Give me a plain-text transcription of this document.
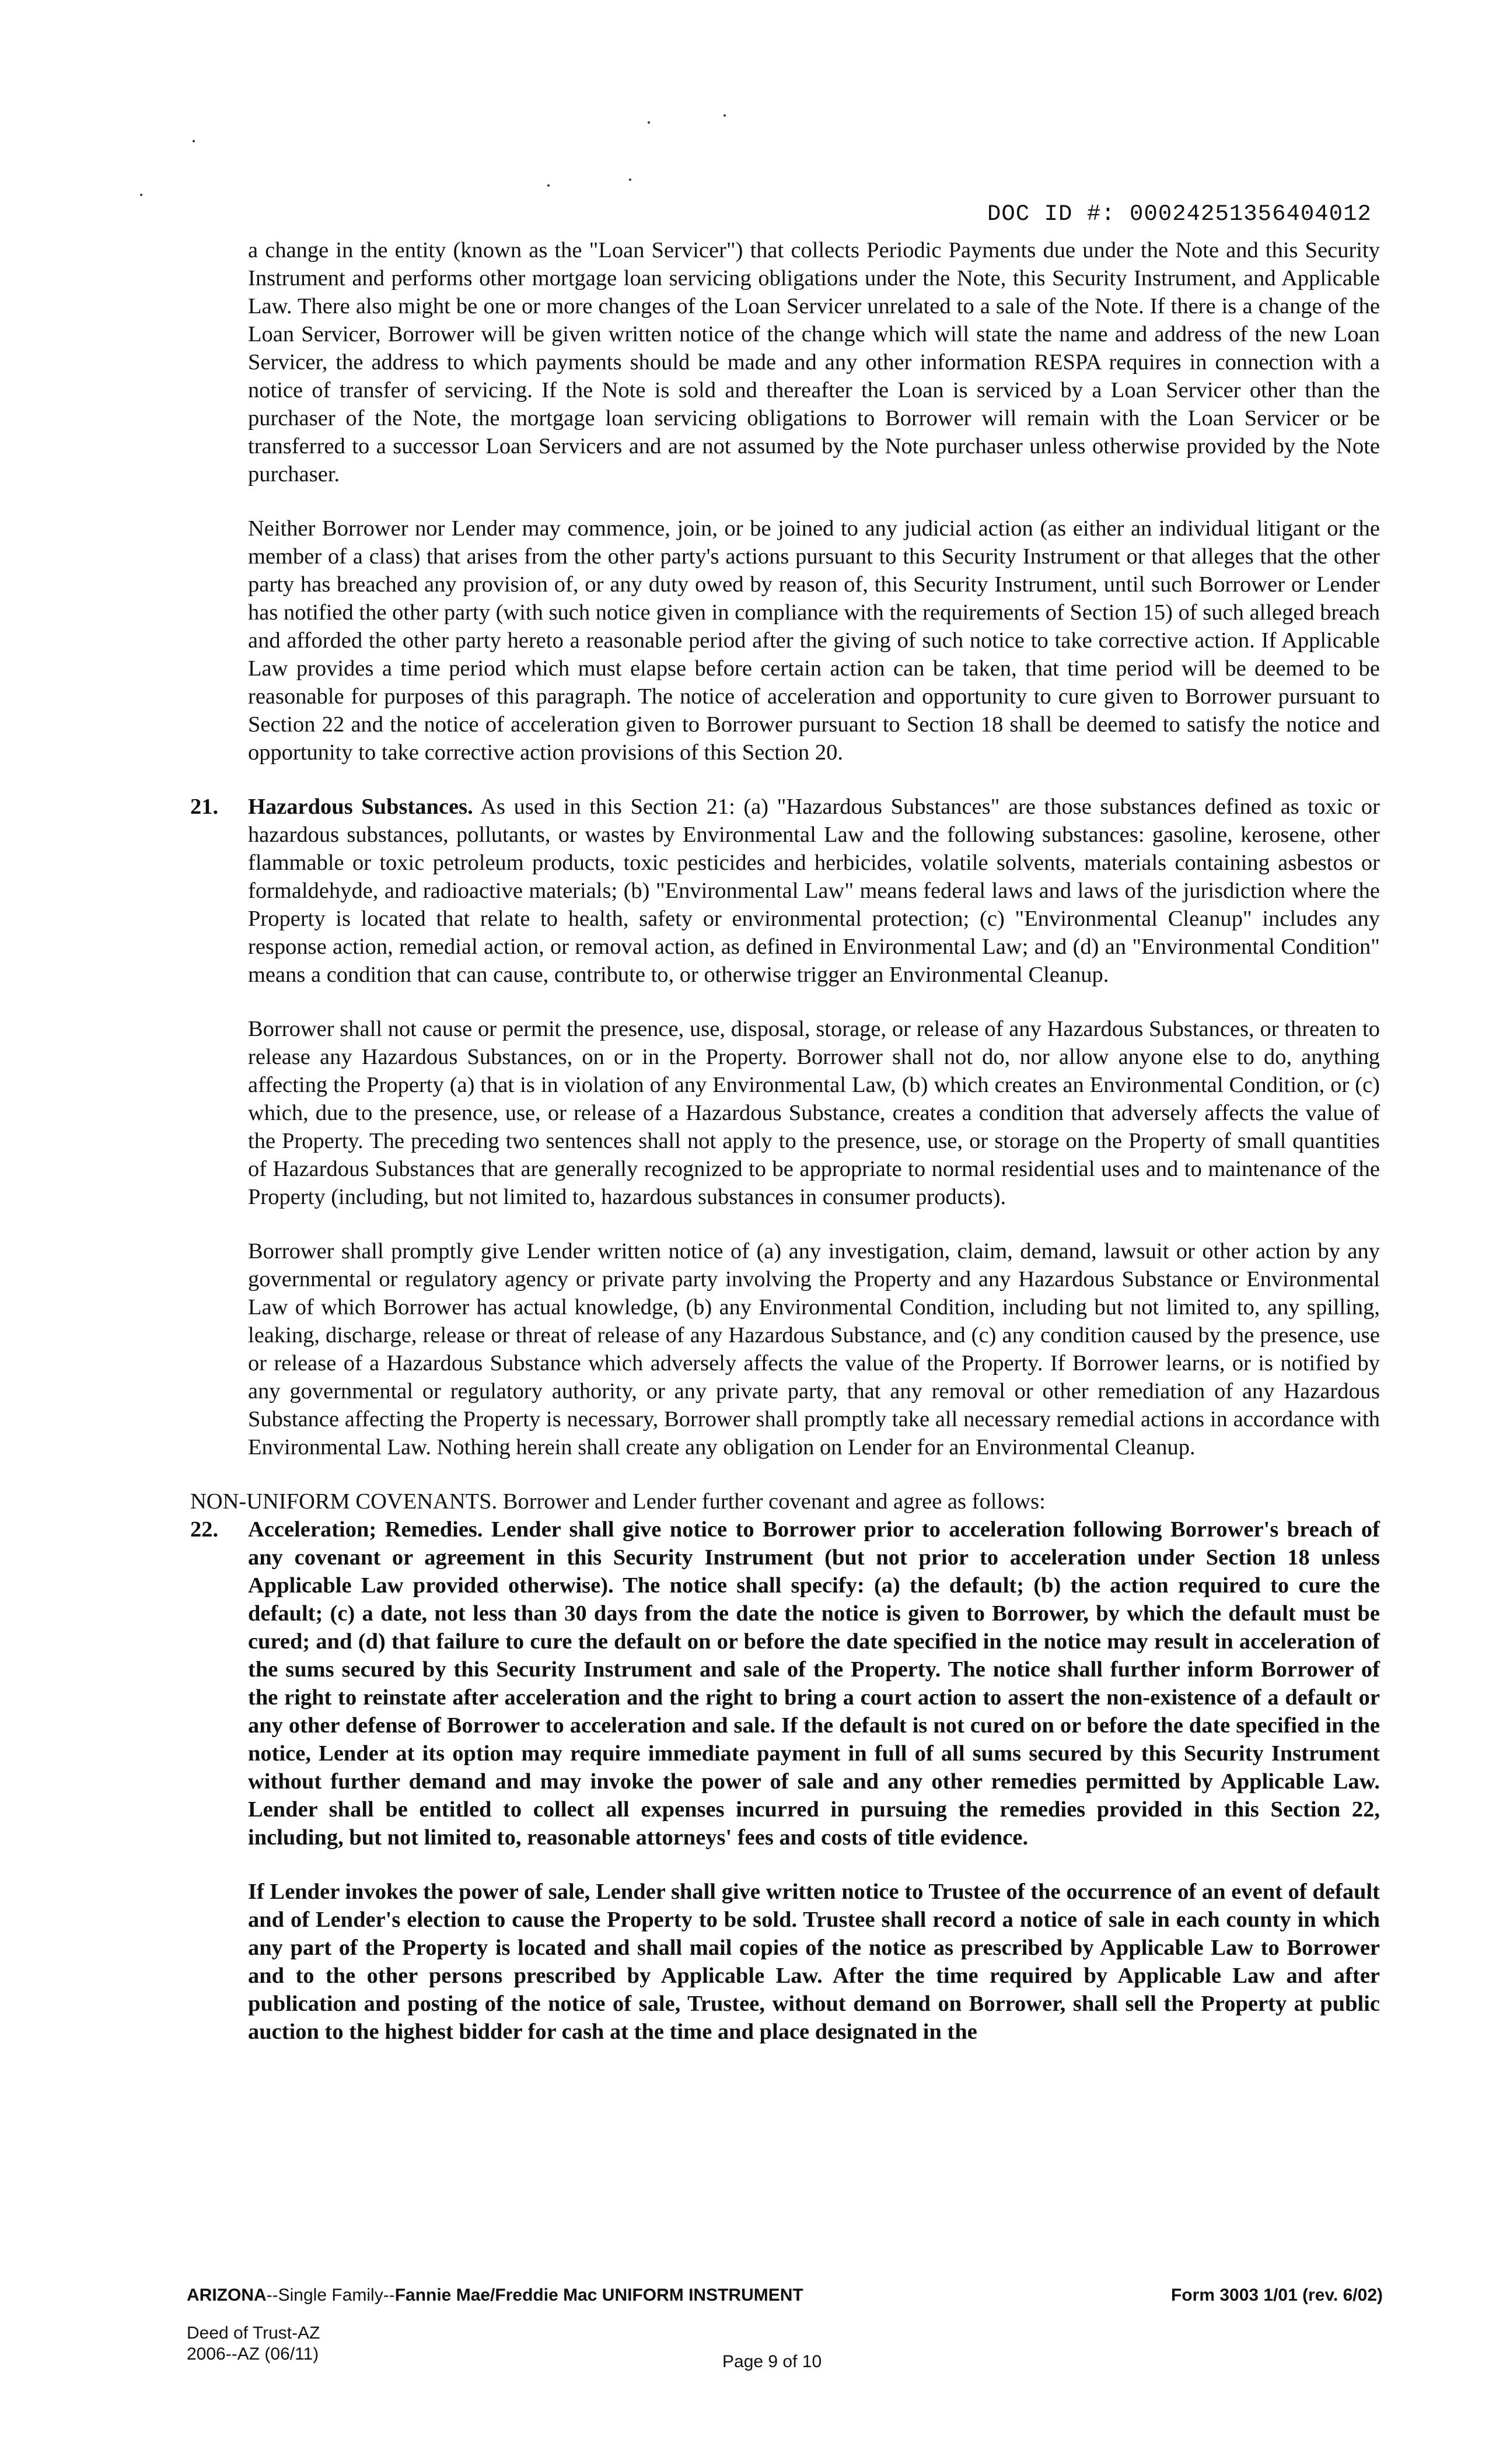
DOC ID #: 00024251356404012

a change in the entity (known as the "Loan Servicer") that collects Periodic Payments due under the Note and this Security Instrument and performs other mortgage loan servicing obligations under the Note, this Security Instrument, and Applicable Law. There also might be one or more changes of the Loan Servicer unrelated to a sale of the Note. If there is a change of the Loan Servicer, Borrower will be given written notice of the change which will state the name and address of the new Loan Servicer, the address to which payments should be made and any other information RESPA requires in connection with a notice of transfer of servicing. If the Note is sold and thereafter the Loan is serviced by a Loan Servicer other than the purchaser of the Note, the mortgage loan servicing obligations to Borrower will remain with the Loan Servicer or be transferred to a successor Loan Servicers and are not assumed by the Note purchaser unless otherwise provided by the Note purchaser.

Neither Borrower nor Lender may commence, join, or be joined to any judicial action (as either an individual litigant or the member of a class) that arises from the other party's actions pursuant to this Security Instrument or that alleges that the other party has breached any provision of, or any duty owed by reason of, this Security Instrument, until such Borrower or Lender has notified the other party (with such notice given in compliance with the requirements of Section 15) of such alleged breach and afforded the other party hereto a reasonable period after the giving of such notice to take corrective action. If Applicable Law provides a time period which must elapse before certain action can be taken, that time period will be deemed to be reasonable for purposes of this paragraph. The notice of acceleration and opportunity to cure given to Borrower pursuant to Section 22 and the notice of acceleration given to Borrower pursuant to Section 18 shall be deemed to satisfy the notice and opportunity to take corrective action provisions of this Section 20.

21. Hazardous Substances. As used in this Section 21: (a) "Hazardous Substances" are those substances defined as toxic or hazardous substances, pollutants, or wastes by Environmental Law and the following substances: gasoline, kerosene, other flammable or toxic petroleum products, toxic pesticides and herbicides, volatile solvents, materials containing asbestos or formaldehyde, and radioactive materials; (b) "Environmental Law" means federal laws and laws of the jurisdiction where the Property is located that relate to health, safety or environmental protection; (c) "Environmental Cleanup" includes any response action, remedial action, or removal action, as defined in Environmental Law; and (d) an "Environmental Condition" means a condition that can cause, contribute to, or otherwise trigger an Environmental Cleanup.

Borrower shall not cause or permit the presence, use, disposal, storage, or release of any Hazardous Substances, or threaten to release any Hazardous Substances, on or in the Property. Borrower shall not do, nor allow anyone else to do, anything affecting the Property (a) that is in violation of any Environmental Law, (b) which creates an Environmental Condition, or (c) which, due to the presence, use, or release of a Hazardous Substance, creates a condition that adversely affects the value of the Property. The preceding two sentences shall not apply to the presence, use, or storage on the Property of small quantities of Hazardous Substances that are generally recognized to be appropriate to normal residential uses and to maintenance of the Property (including, but not limited to, hazardous substances in consumer products).

Borrower shall promptly give Lender written notice of (a) any investigation, claim, demand, lawsuit or other action by any governmental or regulatory agency or private party involving the Property and any Hazardous Substance or Environmental Law of which Borrower has actual knowledge, (b) any Environmental Condition, including but not limited to, any spilling, leaking, discharge, release or threat of release of any Hazardous Substance, and (c) any condition caused by the presence, use or release of a Hazardous Substance which adversely affects the value of the Property. If Borrower learns, or is notified by any governmental or regulatory authority, or any private party, that any removal or other remediation of any Hazardous Substance affecting the Property is necessary, Borrower shall promptly take all necessary remedial actions in accordance with Environmental Law. Nothing herein shall create any obligation on Lender for an Environmental Cleanup.

NON-UNIFORM COVENANTS. Borrower and Lender further covenant and agree as follows:

22. Acceleration; Remedies. Lender shall give notice to Borrower prior to acceleration following Borrower's breach of any covenant or agreement in this Security Instrument (but not prior to acceleration under Section 18 unless Applicable Law provided otherwise). The notice shall specify: (a) the default; (b) the action required to cure the default; (c) a date, not less than 30 days from the date the notice is given to Borrower, by which the default must be cured; and (d) that failure to cure the default on or before the date specified in the notice may result in acceleration of the sums secured by this Security Instrument and sale of the Property. The notice shall further inform Borrower of the right to reinstate after acceleration and the right to bring a court action to assert the non-existence of a default or any other defense of Borrower to acceleration and sale. If the default is not cured on or before the date specified in the notice, Lender at its option may require immediate payment in full of all sums secured by this Security Instrument without further demand and may invoke the power of sale and any other remedies permitted by Applicable Law. Lender shall be entitled to collect all expenses incurred in pursuing the remedies provided in this Section 22, including, but not limited to, reasonable attorneys' fees and costs of title evidence.

If Lender invokes the power of sale, Lender shall give written notice to Trustee of the occurrence of an event of default and of Lender's election to cause the Property to be sold. Trustee shall record a notice of sale in each county in which any part of the Property is located and shall mail copies of the notice as prescribed by Applicable Law to Borrower and to the other persons prescribed by Applicable Law. After the time required by Applicable Law and after publication and posting of the notice of sale, Trustee, without demand on Borrower, shall sell the Property at public auction to the highest bidder for cash at the time and place designated in the

ARIZONA--Single Family--Fannie Mae/Freddie Mac UNIFORM INSTRUMENT	Form 3003 1/01 (rev. 6/02)
Deed of Trust-AZ
2006--AZ (06/11)	Page 9 of 10
